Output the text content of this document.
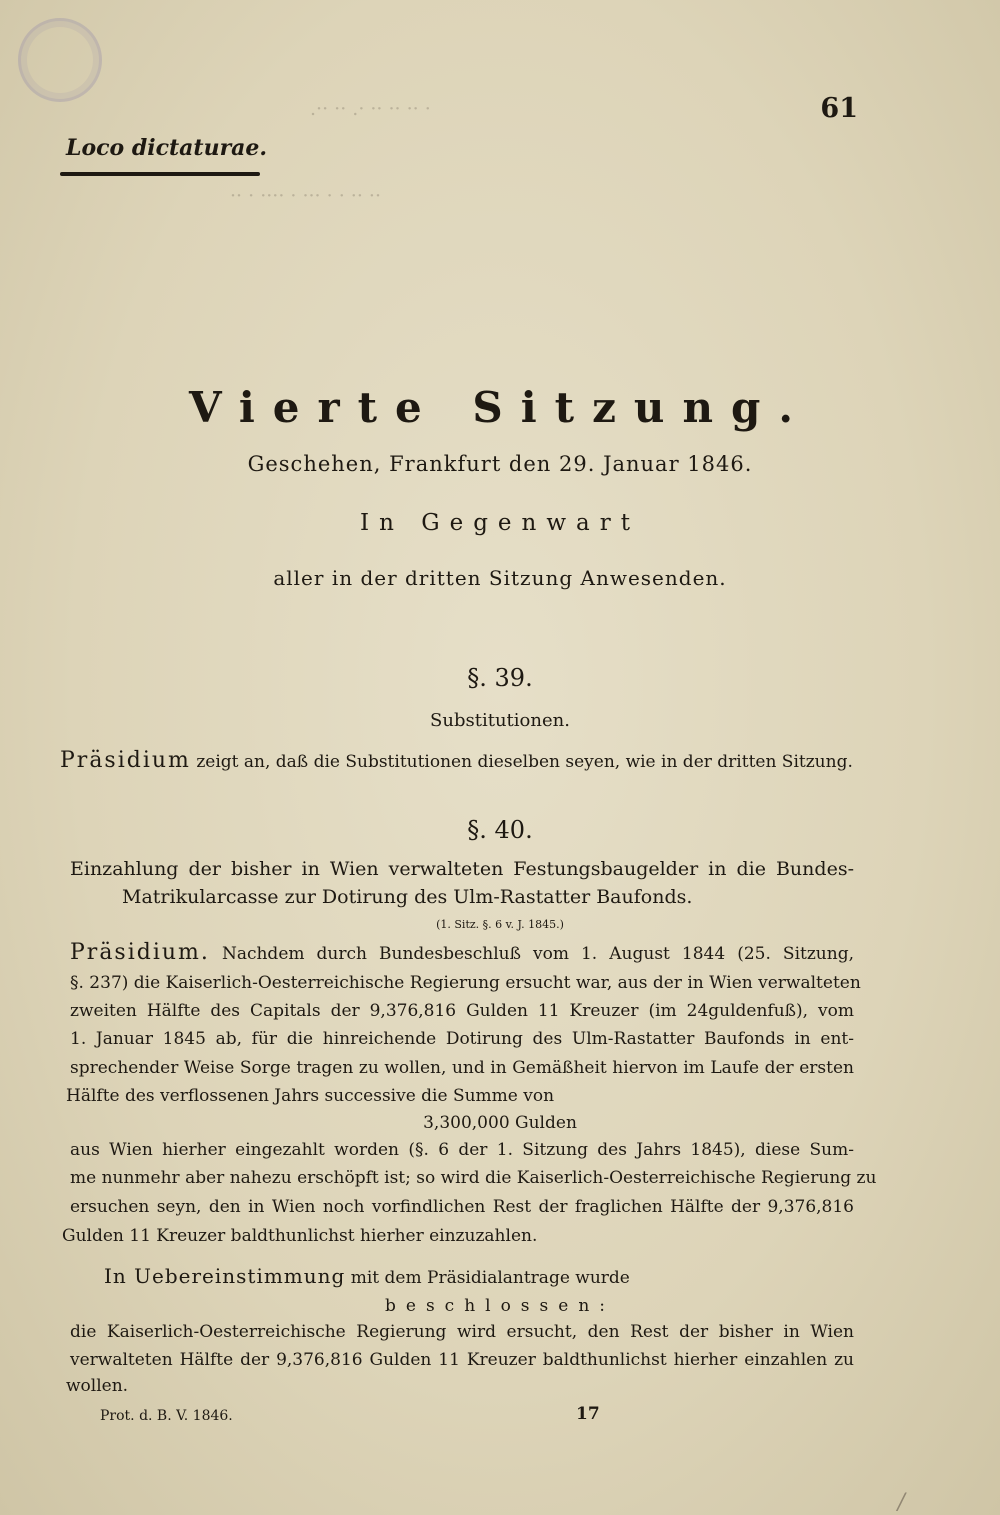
.·· ·· .· ·· ·· ·· ·
·· · ···· · ··· · · ·· ··
61
Loco dictaturae.
Vierte Sitzung.
Geschehen, Frankfurt den 29. Januar 1846.
In Gegenwart
aller in der dritten Sitzung Anwesenden.
§. 39.
Substitutionen.
Präsidium zeigt an, daß die Substitutionen dieselben seyen, wie in der dritten Sitzung.
§. 40.
Einzahlung der bisher in Wien verwalteten Festungsbaugelder in die Bundes-
Matrikularcasse zur Dotirung des Ulm-Rastatter Baufonds.
(1. Sitz. §. 6 v. J. 1845.)
Präsidium. Nachdem durch Bundesbeschluß vom 1. August 1844 (25. Sitzung,
§. 237) die Kaiserlich-Oesterreichische Regierung ersucht war, aus der in Wien verwalteten
zweiten Hälfte des Capitals der 9,376,816 Gulden 11 Kreuzer (im 24guldenfuß), vom
1. Januar 1845 ab, für die hinreichende Dotirung des Ulm-Rastatter Baufonds in ent-
sprechender Weise Sorge tragen zu wollen, und in Gemäßheit hiervon im Laufe der ersten
Hälfte des verflossenen Jahrs successive die Summe von
3,300,000 Gulden
aus Wien hierher eingezahlt worden (§. 6 der 1. Sitzung des Jahrs 1845), diese Sum-
me nunmehr aber nahezu erschöpft ist; so wird die Kaiserlich-Oesterreichische Regierung zu
ersuchen seyn, den in Wien noch vorfindlichen Rest der fraglichen Hälfte der 9,376,816
Gulden 11 Kreuzer baldthunlichst hierher einzuzahlen.
In Uebereinstimmung mit dem Präsidialantrage wurde
beschlossen:
die Kaiserlich-Oesterreichische Regierung wird ersucht, den Rest der bisher in Wien
verwalteten Hälfte der 9,376,816 Gulden 11 Kreuzer baldthunlichst hierher einzahlen zu
wollen.
Prot. d. B. V. 1846.	17
/
